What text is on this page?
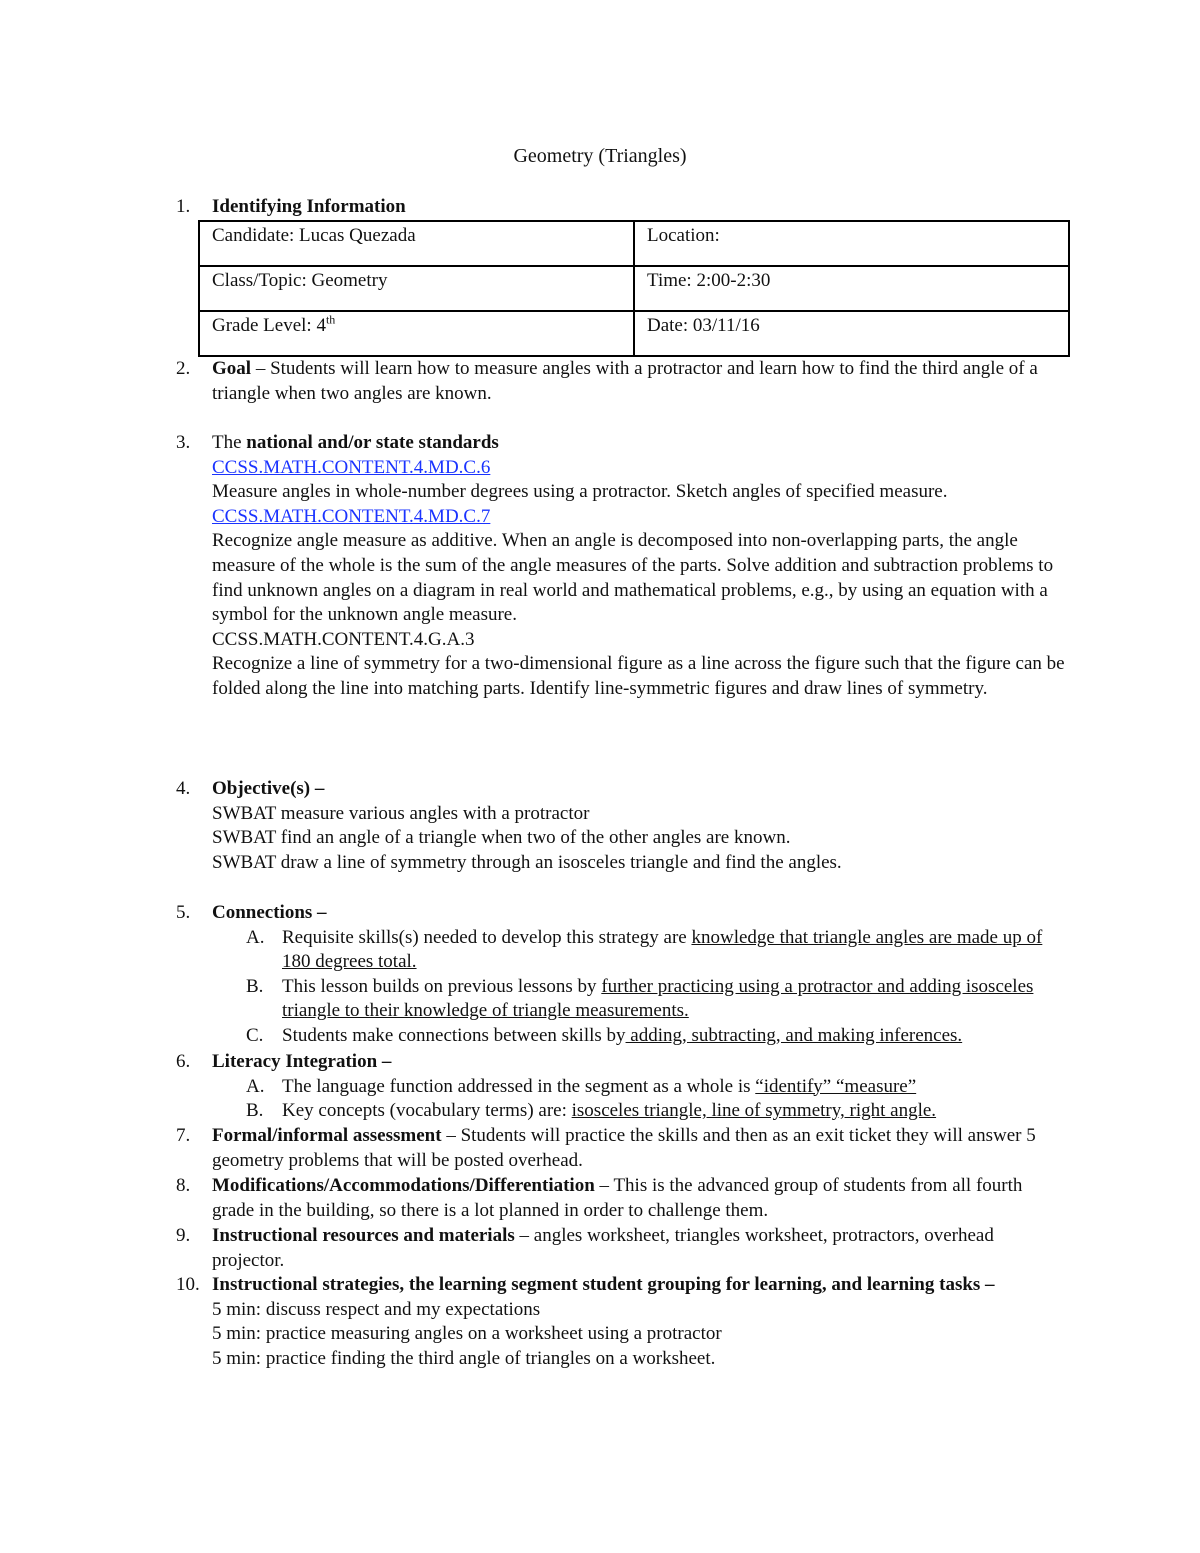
Geometry (Triangles)
1.	Identifying Information
Candidate: Lucas Quezada	Location:
Class/Topic: Geometry	Time: 2:00-2:30
Grade Level: 4th	Date: 03/11/16
2.	Goal – Students will learn how to measure angles with a protractor and learn how to find the third angle of a triangle when two angles are known.
3.	The national and/or state standards
CCSS.MATH.CONTENT.4.MD.C.6
Measure angles in whole-number degrees using a protractor. Sketch angles of specified measure.
CCSS.MATH.CONTENT.4.MD.C.7
Recognize angle measure as additive. When an angle is decomposed into non-overlapping parts, the angle measure of the whole is the sum of the angle measures of the parts. Solve addition and subtraction problems to find unknown angles on a diagram in real world and mathematical problems, e.g., by using an equation with a symbol for the unknown angle measure.
CCSS.MATH.CONTENT.4.G.A.3
Recognize a line of symmetry for a two-dimensional figure as a line across the figure such that the figure can be folded along the line into matching parts. Identify line-symmetric figures and draw lines of symmetry.
4.	Objective(s) –
SWBAT measure various angles with a protractor
SWBAT find an angle of a triangle when two of the other angles are known.
SWBAT draw a line of symmetry through an isosceles triangle and find the angles.
5.	Connections –
A. Requisite skills(s) needed to develop this strategy are knowledge that triangle angles are made up of 180 degrees total.
B. This lesson builds on previous lessons by further practicing using a protractor and adding isosceles triangle to their knowledge of triangle measurements.
C. Students make connections between skills by adding, subtracting, and making inferences.
6.	Literacy Integration –
A. The language function addressed in the segment as a whole is “identify” “measure”
B. Key concepts (vocabulary terms) are: isosceles triangle, line of symmetry, right angle.
7.	Formal/informal assessment – Students will practice the skills and then as an exit ticket they will answer 5 geometry problems that will be posted overhead.
8.	Modifications/Accommodations/Differentiation – This is the advanced group of students from all fourth grade in the building, so there is a lot planned in order to challenge them.
9.	Instructional resources and materials – angles worksheet, triangles worksheet, protractors, overhead projector.
10. Instructional strategies, the learning segment student grouping for learning, and learning tasks –
5 min: discuss respect and my expectations
5 min: practice measuring angles on a worksheet using a protractor
5 min: practice finding the third angle of triangles on a worksheet.
